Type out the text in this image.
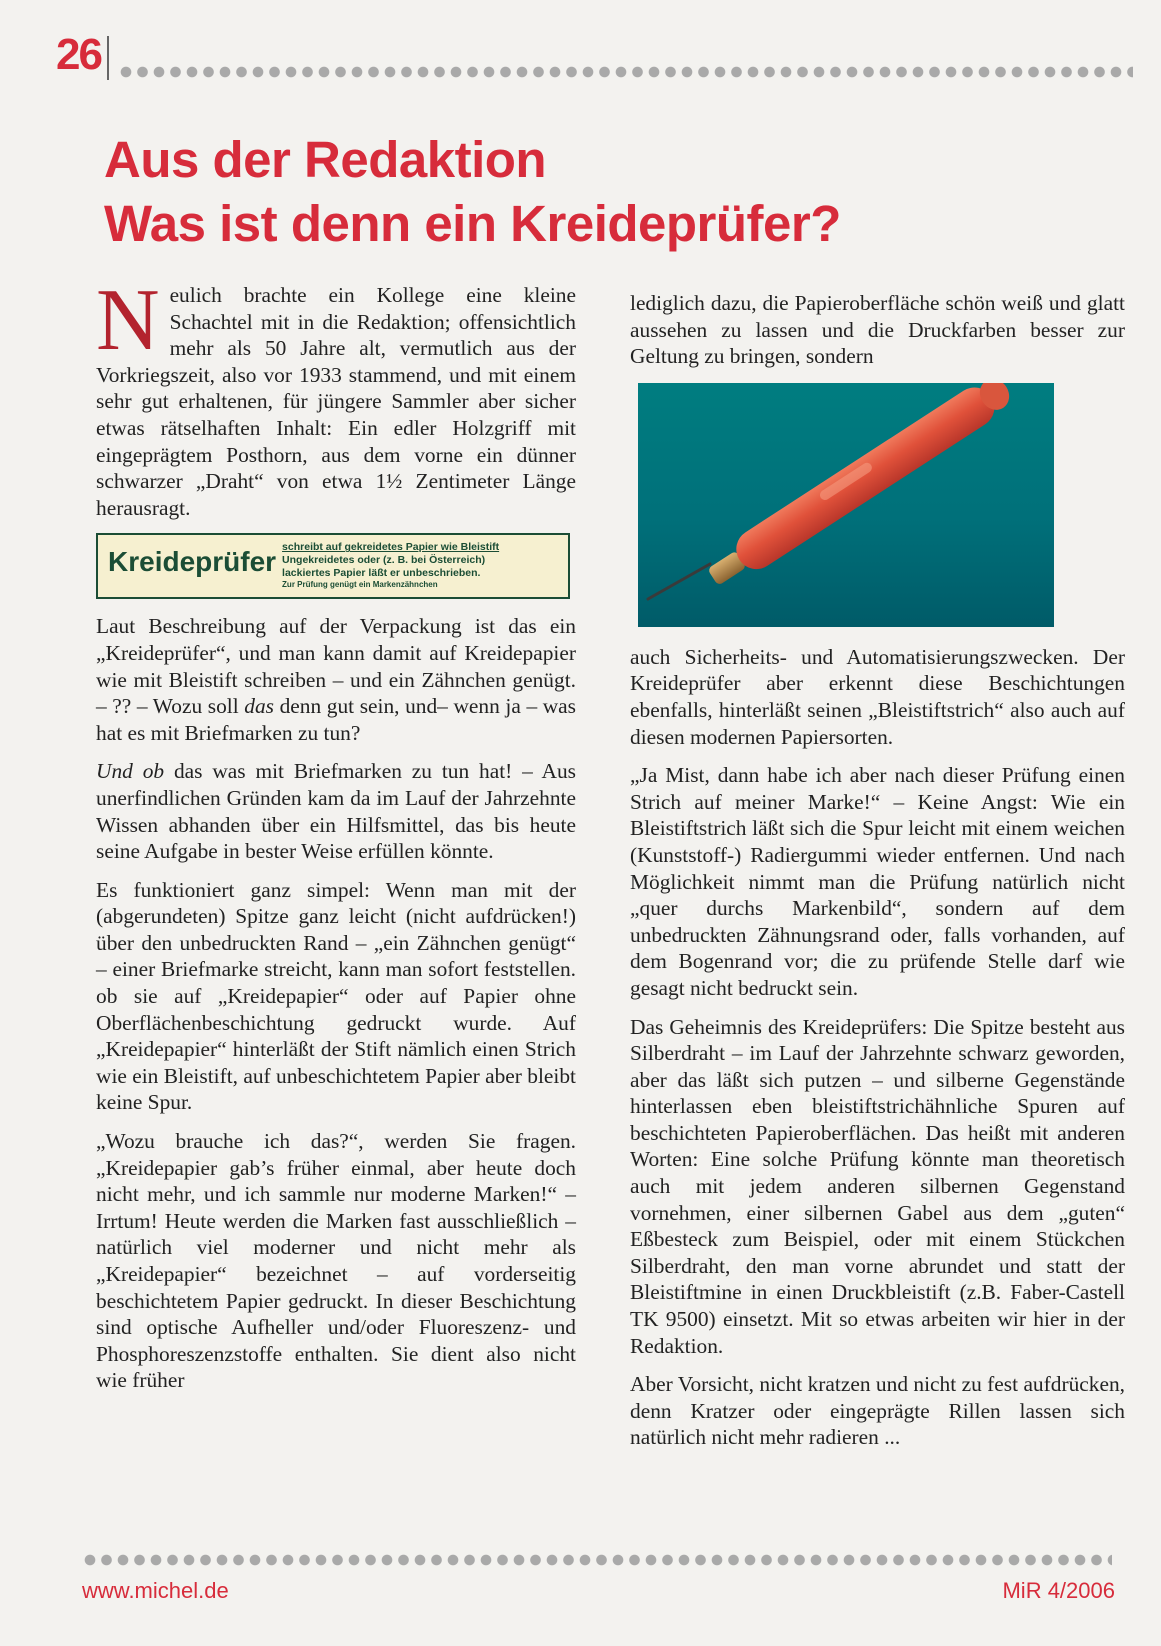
26
Aus der Redaktion
Was ist denn ein Kreideprüfer?

Neulich brachte ein Kollege eine kleine Schachtel mit in die Redaktion; offensichtlich mehr als 50 Jahre alt, vermutlich aus der Vorkriegszeit, also vor 1933 stammend, und mit einem sehr gut erhaltenen, für jüngere Sammler aber sicher etwas rätselhaften Inhalt: Ein edler Holzgriff mit eingeprägtem Posthorn, aus dem vorne ein dünner schwarzer „Draht“ von etwa 1½ Zentimeter Länge herausragt.

Kreideprüfer schreibt auf gekreidetes Papier wie Bleistift
Ungekreidetes oder (z. B. bei Österreich)
lackiertes Papier läßt er unbeschrieben.
Zur Prüfung genügt ein Markenzähnchen

Laut Beschreibung auf der Verpackung ist das ein „Kreideprüfer“, und man kann damit auf Kreidepapier wie mit Bleistift schreiben – und ein Zähnchen genügt. – ?? – Wozu soll das denn gut sein, und– wenn ja – was hat es mit Briefmarken zu tun?

Und ob das was mit Briefmarken zu tun hat! – Aus unerfindlichen Gründen kam da im Lauf der Jahrzehnte Wissen abhanden über ein Hilfsmittel, das bis heute seine Aufgabe in bester Weise erfüllen könnte.

Es funktioniert ganz simpel: Wenn man mit der (abgerundeten) Spitze ganz leicht (nicht aufdrücken!) über den unbedruckten Rand – „ein Zähnchen genügt“ – einer Briefmarke streicht, kann man sofort feststellen. ob sie auf „Kreidepapier“ oder auf Papier ohne Oberflächenbeschichtung gedruckt wurde. Auf „Kreidepapier“ hinterläßt der Stift nämlich einen Strich wie ein Bleistift, auf unbeschichtetem Papier aber bleibt keine Spur.

„Wozu brauche ich das?“, werden Sie fragen. „Kreidepapier gab’s früher einmal, aber heute doch nicht mehr, und ich sammle nur moderne Marken!“ – Irrtum! Heute werden die Marken fast ausschließlich – natürlich viel moderner und nicht mehr als „Kreidepapier“ bezeichnet – auf vorderseitig beschichtetem Papier gedruckt. In dieser Beschichtung sind optische Aufheller und/oder Fluoreszenz- und Phosphoreszenzstoffe enthalten. Sie dient also nicht wie früher

lediglich dazu, die Papieroberfläche schön weiß und glatt aussehen zu lassen und die Druckfarben besser zur Geltung zu bringen, sondern

auch Sicherheits- und Automatisierungszwecken. Der Kreideprüfer aber erkennt diese Beschichtungen ebenfalls, hinterläßt seinen „Bleistiftstrich“ also auch auf diesen modernen Papiersorten.

„Ja Mist, dann habe ich aber nach dieser Prüfung einen Strich auf meiner Marke!“ – Keine Angst: Wie ein Bleistiftstrich läßt sich die Spur leicht mit einem weichen (Kunststoff-) Radiergummi wieder entfernen. Und nach Möglichkeit nimmt man die Prüfung natürlich nicht „quer durchs Markenbild“, sondern auf dem unbedruckten Zähnungsrand oder, falls vorhanden, auf dem Bogenrand vor; die zu prüfende Stelle darf wie gesagt nicht bedruckt sein.

Das Geheimnis des Kreideprüfers: Die Spitze besteht aus Silberdraht – im Lauf der Jahrzehnte schwarz geworden, aber das läßt sich putzen – und silberne Gegenstände hinterlassen eben bleistiftstrichähnliche Spuren auf beschichteten Papieroberflächen. Das heißt mit anderen Worten: Eine solche Prüfung könnte man theoretisch auch mit jedem anderen silbernen Gegenstand vornehmen, einer silbernen Gabel aus dem „guten“ Eßbesteck zum Beispiel, oder mit einem Stückchen Silberdraht, den man vorne abrundet und statt der Bleistiftmine in einen Druckbleistift (z.B. Faber-Castell TK 9500) einsetzt. Mit so etwas arbeiten wir hier in der Redaktion.

Aber Vorsicht, nicht kratzen und nicht zu fest aufdrücken, denn Kratzer oder eingeprägte Rillen lassen sich natürlich nicht mehr radieren ...

www.michel.de	MiR 4/2006
